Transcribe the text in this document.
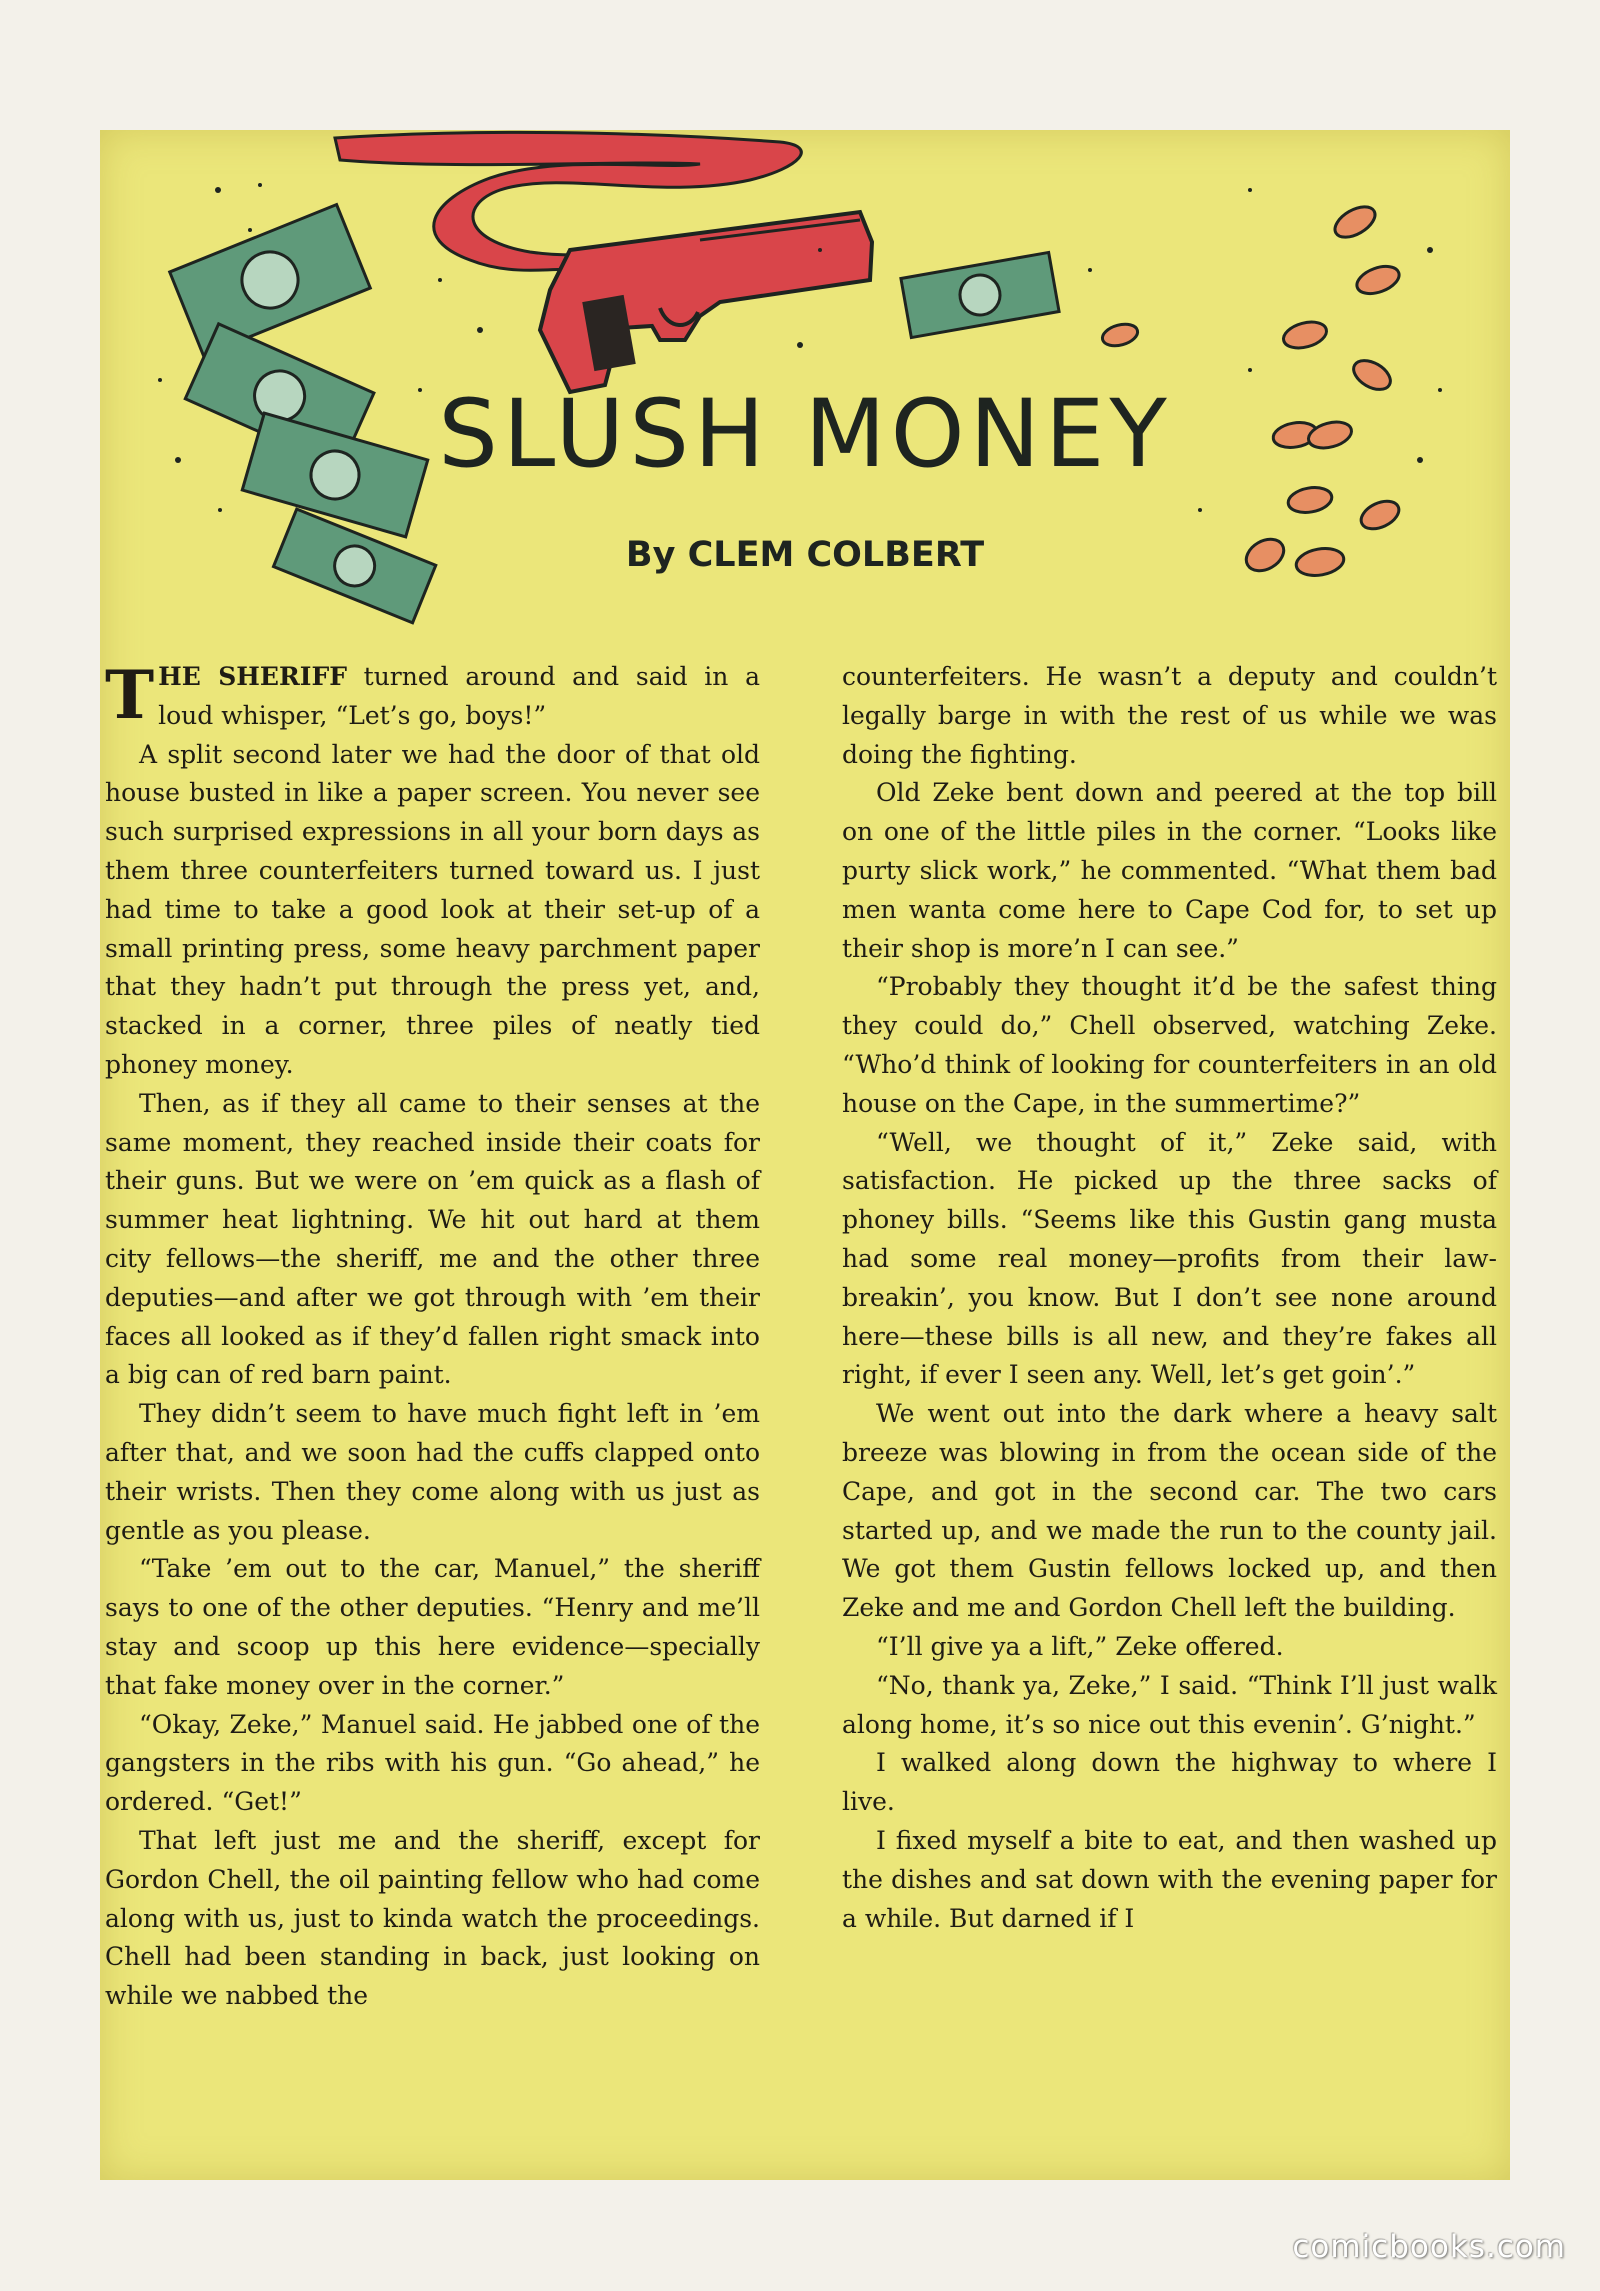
SLUSH MONEY
By CLEM COLBERT

THE SHERIFF turned around and said in a loud whisper, “Let’s go, boys!”

A split second later we had the door of that old house busted in like a paper screen. You never see such surprised expressions in all your born days as them three counterfeiters turned toward us. I just had time to take a good look at their set-up of a small printing press, some heavy parchment paper that they hadn’t put through the press yet, and, stacked in a corner, three piles of neatly tied phoney money.

Then, as if they all came to their senses at the same moment, they reached inside their coats for their guns. But we were on ’em quick as a flash of summer heat lightning. We hit out hard at them city fellows—the sheriff, me and the other three deputies—and after we got through with ’em their faces all looked as if they’d fallen right smack into a big can of red barn paint.

They didn’t seem to have much fight left in ’em after that, and we soon had the cuffs clapped onto their wrists. Then they come along with us just as gentle as you please.

“Take ’em out to the car, Manuel,” the sheriff says to one of the other deputies. “Henry and me’ll stay and scoop up this here evidence—specially that fake money over in the corner.”

“Okay, Zeke,” Manuel said. He jabbed one of the gangsters in the ribs with his gun. “Go ahead,” he ordered. “Get!”

That left just me and the sheriff, except for Gordon Chell, the oil painting fellow who had come along with us, just to kinda watch the proceedings. Chell had been standing in back, just looking on while we nabbed the

counterfeiters. He wasn’t a deputy and couldn’t legally barge in with the rest of us while we was doing the fighting.

Old Zeke bent down and peered at the top bill on one of the little piles in the corner. “Looks like purty slick work,” he commented. “What them bad men wanta come here to Cape Cod for, to set up their shop is more’n I can see.”

“Probably they thought it’d be the safest thing they could do,” Chell observed, watching Zeke. “Who’d think of looking for counterfeiters in an old house on the Cape, in the summertime?”

“Well, we thought of it,” Zeke said, with satisfaction. He picked up the three sacks of phoney bills. “Seems like this Gustin gang musta had some real money—profits from their law-breakin’, you know. But I don’t see none around here—these bills is all new, and they’re fakes all right, if ever I seen any. Well, let’s get goin’.”

We went out into the dark where a heavy salt breeze was blowing in from the ocean side of the Cape, and got in the second car. The two cars started up, and we made the run to the county jail. We got them Gustin fellows locked up, and then Zeke and me and Gordon Chell left the building.

“I’ll give ya a lift,” Zeke offered.

“No, thank ya, Zeke,” I said. “Think I’ll just walk along home, it’s so nice out this evenin’. G’night.”

I walked along down the highway to where I live.

I fixed myself a bite to eat, and then washed up the dishes and sat down with the evening paper for a while. But darned if I

comicbooks.com
